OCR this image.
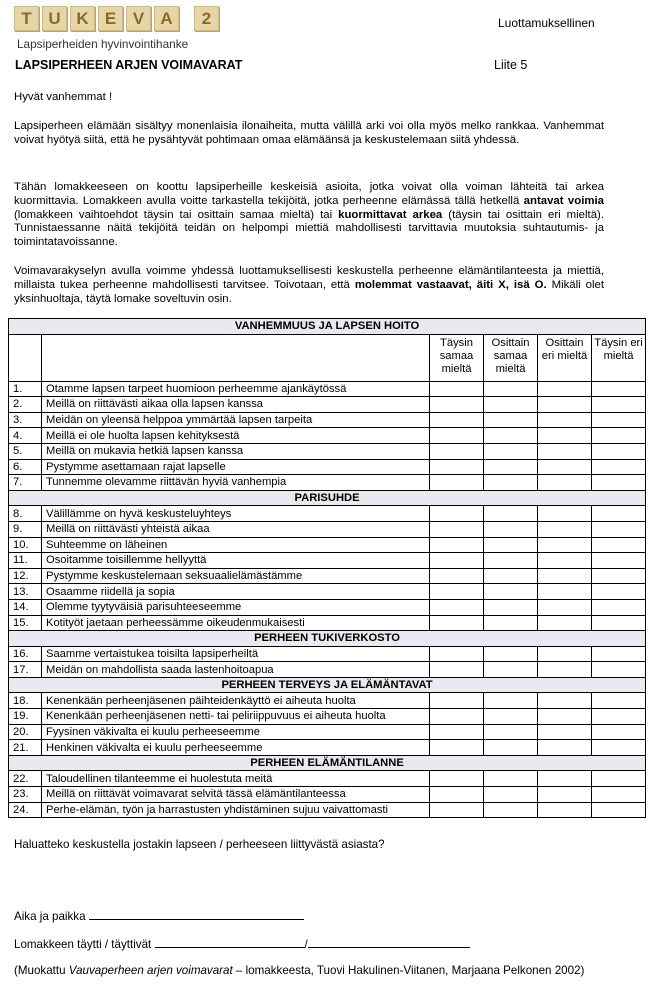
T U K E V A	2
Lapsiperheiden hyvinvointihanke
Luottamuksellinen
LAPSIPERHEEN ARJEN VOIMAVARAT	Liite 5
Hyvät vanhemmat !

Lapsiperheen elämään sisältyy monenlaisia ilonaiheita, mutta välillä arki voi olla myös melko rankkaa. Vanhemmat voivat hyötyä siitä, että he pysähtyvät pohtimaan omaa elämäänsä ja keskustelemaan siitä yhdessä.

Tähän lomakkeeseen on koottu lapsiperheille keskeisiä asioita, jotka voivat olla voiman lähteitä tai arkea kuormittavia. Lomakkeen avulla voitte tarkastella tekijöitä, jotka perheenne elämässä tällä hetkellä antavat voimia (lomakkeen vaihtoehdot täysin tai osittain samaa mieltä) tai kuormittavat arkea (täysin tai osittain eri mieltä). Tunnistaessanne näitä tekijöitä teidän on helpompi miettiä mahdollisesti tarvittavia muutoksia suhtautumis- ja toimintatavoissanne.

Voimavarakyselyn avulla voimme yhdessä luottamuksellisesti keskustella perheenne elämäntilanteesta ja miettiä, millaista tukea perheenne mahdollisesti tarvitsee. Toivotaan, että molemmat vastaavat, äiti X, isä O. Mikäli olet yksinhuoltaja, täytä lomake soveltuvin osin.

VANHEMMUUS JA LAPSEN HOITO					
		Täysin samaa mieltä	Osittain samaa mieltä	Osittain eri mieltä	Täysin eri mieltä
1.	Otamme lapsen tarpeet huomioon perheemme ajankäytössä				
2.	Meillä on riittävästi aikaa olla lapsen kanssa				
3.	Meidän on yleensä helppoa ymmärtää lapsen tarpeita				
4.	Meillä ei ole huolta lapsen kehityksestä				
5.	Meillä on mukavia hetkiä lapsen kanssa				
6.	Pystymme asettamaan rajat lapselle				
7.	Tunnemme olevamme riittävän hyviä vanhempia				
PARISUHDE					
8.	Välillämme on hyvä keskusteluyhteys				
9.	Meillä on riittävästi yhteistä aikaa				
10.	Suhteemme on läheinen				
11.	Osoitamme toisillemme hellyyttä				
12.	Pystymme keskustelemaan seksuaalielämästämme				
13.	Osaamme riidellä ja sopia				
14.	Olemme tyytyväisiä parisuhteeseemme				
15.	Kotityöt jaetaan perheessämme oikeudenmukaisesti				
PERHEEN TUKIVERKOSTO					
16.	Saamme vertaistukea toisilta lapsiperheiltä				
17.	Meidän on mahdollista saada lastenhoitoapua				
PERHEEN TERVEYS JA ELÄMÄNTAVAT					
18.	Kenenkään perheenjäsenen päihteidenkäyttö ei aiheuta huolta				
19.	Kenenkään perheenjäsenen netti- tai peliriippuvuus ei aiheuta huolta				
20.	Fyysinen väkivalta ei kuulu perheeseemme				
21.	Henkinen väkivalta ei kuulu perheeseemme				
PERHEEN ELÄMÄNTILANNE					
22.	Taloudellinen tilanteemme ei huolestuta meitä				
23.	Meillä on riittävät voimavarat selvitä tässä elämäntilanteessa				
24.	Perhe-elämän, työn ja harrastusten yhdistäminen sujuu vaivattomasti				
Haluatteko keskustella jostakin lapseen / perheeseen liittyvästä asiasta?
Aika ja paikka
Lomakkeen täytti / täyttivät	/
(Muokattu Vauvaperheen arjen voimavarat – lomakkeesta, Tuovi Hakulinen-Viitanen, Marjaana Pelkonen 2002)
